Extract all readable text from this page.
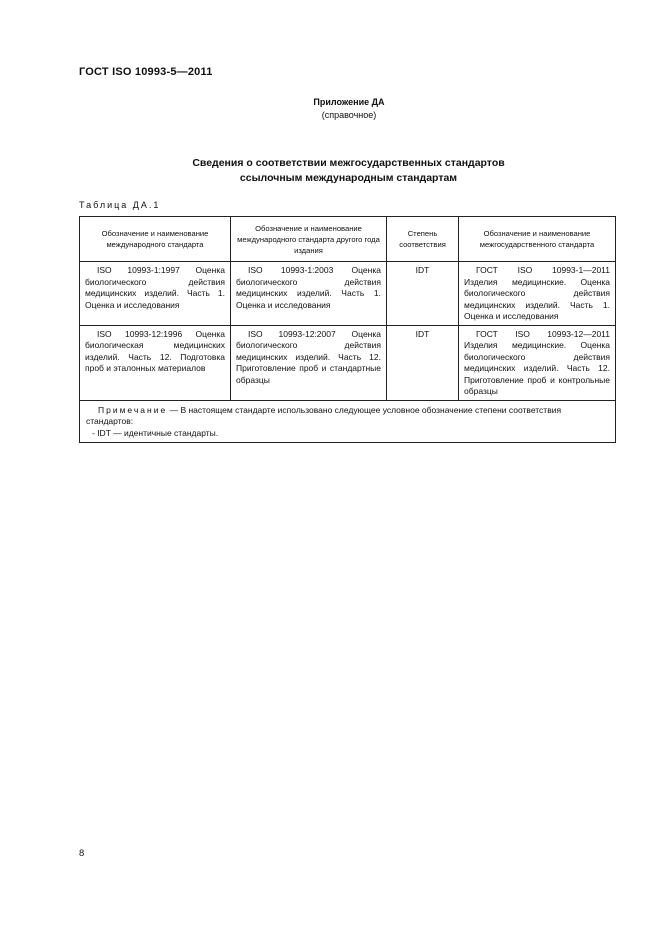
ГОСТ ISO 10993-5—2011
Приложение ДА
(справочное)
Сведения о соответствии межгосударственных стандартов
ссылочным международным стандартам
Таблица ДА.1
Обозначение и наименование международного стандарта	Обозначение и наименование международного стандарта другого года издания	Степень соответствия	Обозначение и наименование межгосударственного стандарта
ISO 10993-1:1997 Оценка биологического действия медицинских изделий. Часть 1. Оценка и исследования	ISO 10993-1:2003 Оценка биологического действия медицинских изделий. Часть 1. Оценка и исследования	IDT	ГОСТ ISO 10993-1—2011 Изделия медицинские. Оценка биологического действия медицинских изделий. Часть 1. Оценка и исследования
ISO 10993-12:1996 Оценка биологическая медицинских изделий. Часть 12. Подготовка проб и эталонных материалов	ISO 10993-12:2007 Оценка биологического действия медицинских изделий. Часть 12. Приготовление проб и стандартные образцы	IDT	ГОСТ ISO 10993-12—2011 Изделия медицинские. Оценка биологического действия медицинских изделий. Часть 12. Приготовление проб и контрольные образцы

Примечание — В настоящем стандарте использовано следующее условное обозначение степени соответствия стандартов:
- IDT — идентичные стандарты.			
8
